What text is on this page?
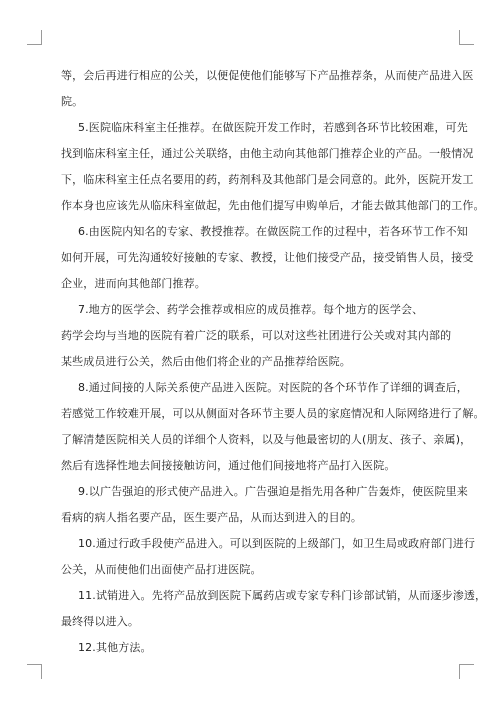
等，会后再进行相应的公关，以便促使他们能够写下产品推荐条，从而使产品进入医
院。
5.医院临床科室主任推荐。在做医院开发工作时，若感到各环节比较困难，可先
找到临床科室主任，通过公关联络，由他主动向其他部门推荐企业的产品。一般情况
下，临床科室主任点名要用的药，药剂科及其他部门是会同意的。此外，医院开发工
作本身也应该先从临床科室做起，先由他们提写申购单后，才能去做其他部门的工作。
6.由医院内知名的专家、教授推荐。在做医院工作的过程中，若各环节工作不知
如何开展，可先沟通较好接触的专家、教授，让他们接受产品，接受销售人员，接受
企业，进而向其他部门推荐。
7.地方的医学会、药学会推荐或相应的成员推荐。每个地方的医学会、
药学会均与当地的医院有着广泛的联系，可以对这些社团进行公关或对其内部的
某些成员进行公关，然后由他们将企业的产品推荐给医院。
8.通过间接的人际关系使产品进入医院。对医院的各个环节作了详细的调查后，
若感觉工作较难开展，可以从侧面对各环节主要人员的家庭情况和人际网络进行了解。
了解清楚医院相关人员的详细个人资料，以及与他最密切的人(朋友、孩子、亲属)，
然后有选择性地去间接接触访问，通过他们间接地将产品打入医院。
9.以广告强迫的形式使产品进入。广告强迫是指先用各种广告轰炸，使医院里来
看病的病人指名要产品，医生要产品，从而达到进入的目的。
10.通过行政手段使产品进入。可以到医院的上级部门，如卫生局或政府部门进行
公关，从而使他们出面使产品打进医院。
11.试销进入。先将产品放到医院下属药店或专家专科门诊部试销，从而逐步渗透，
最终得以进入。
12.其他方法。
